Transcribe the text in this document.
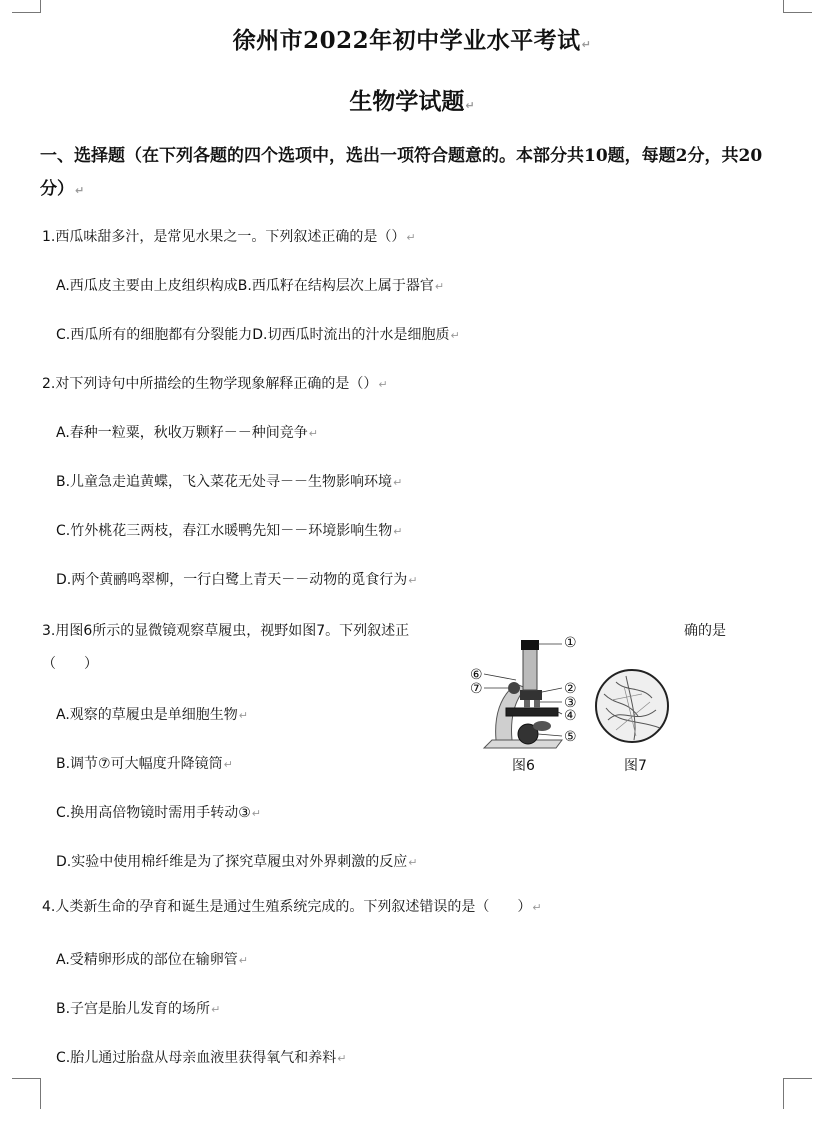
徐州市2022年初中学业水平考试↵
生物学试题↵
一、选择题（在下列各题的四个选项中，选出一项符合题意的。本部分共10题，每题2分，共20分）↵
1.西瓜味甜多汁，是常见水果之一。下列叙述正确的是（）↵
A.西瓜皮主要由上皮组织构成B.西瓜籽在结构层次上属于器官↵
C.西瓜所有的细胞都有分裂能力D.切西瓜时流出的汁水是细胞质↵
2.对下列诗句中所描绘的生物学现象解释正确的是（）↵
A.春种一粒粟，秋收万颗籽－－种间竞争↵
B.儿童急走追黄蝶，飞入菜花无处寻－－生物影响环境↵
C.竹外桃花三两枝，春江水暖鸭先知－－环境影响生物↵
D.两个黄鹂鸣翠柳，一行白鹭上青天－－动物的觅食行为↵
3.用图6所示的显微镜观察草履虫，视野如图7。下列叙述正	确的是
（　　）
A.观察的草履虫是单细胞生物↵
B.调节⑦可大幅度升降镜筒↵
C.换用高倍物镜时需用手转动③↵
D.实验中使用棉纤维是为了探究草履虫对外界刺激的反应↵
①
②
③
④
⑤
⑥
⑦
图6	图7
4.人类新生命的孕育和诞生是通过生殖系统完成的。下列叙述错误的是（　　）↵
A.受精卵形成的部位在输卵管↵
B.子宫是胎儿发育的场所↵
C.胎儿通过胎盘从母亲血液里获得氧气和养料↵
